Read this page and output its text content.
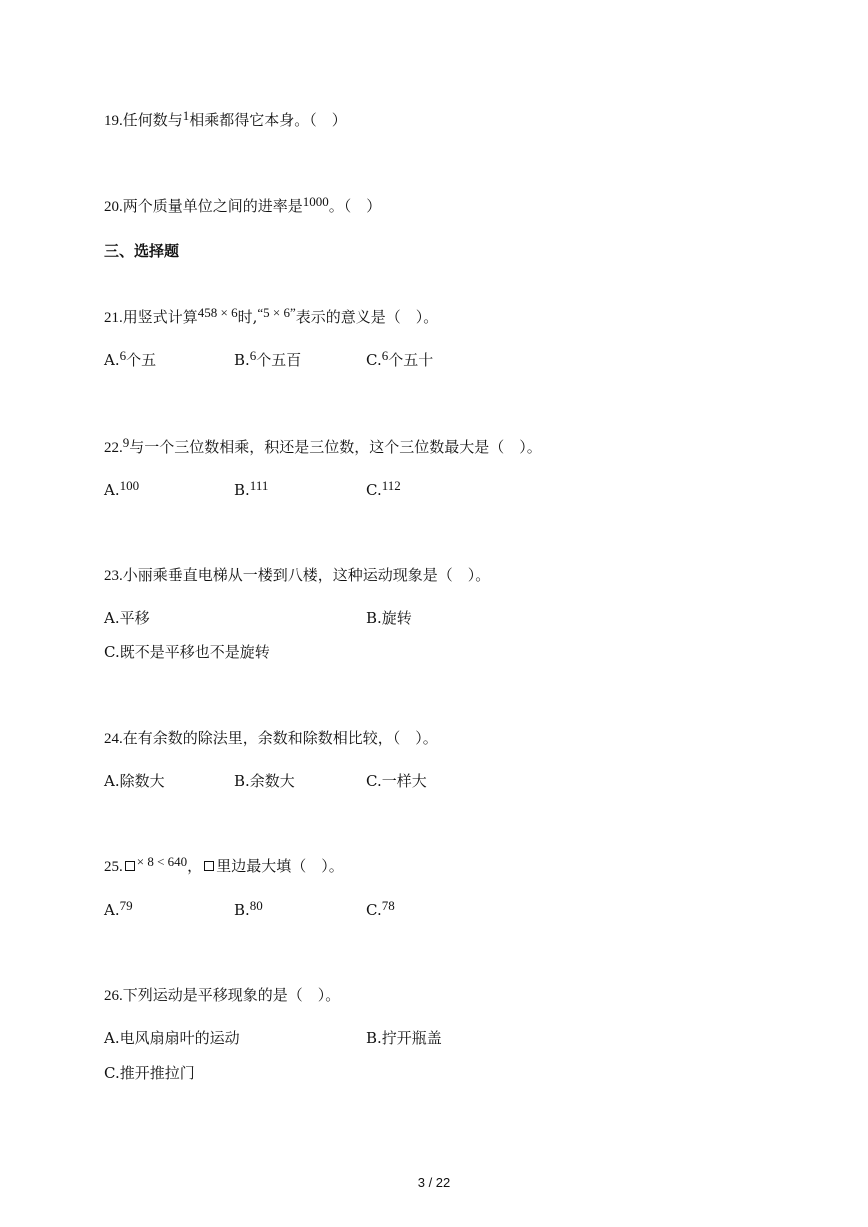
19.任何数与1相乘都得它本身。（　）
20.两个质量单位之间的进率是1000。（　）
三、选择题
21.用竖式计算458 × 6时,“5 × 6”表示的意义是（　）。
A.6个五	B.6个五百	C.6个五十
22.9与一个三位数相乘，积还是三位数，这个三位数最大是（　）。
A.100	B.111	C.112
23.小丽乘垂直电梯从一楼到八楼，这种运动现象是（　）。
A.平移	B.旋转
C.既不是平移也不是旋转
24.在有余数的除法里，余数和除数相比较，（　）。
A.除数大	B.余数大	C.一样大
25. × 8 < 640， 里边最大填（　）。
A.79	B.80	C.78
26.下列运动是平移现象的是（　）。
A.电风扇扇叶的运动	B.拧开瓶盖
C.推开推拉门
3 / 22
